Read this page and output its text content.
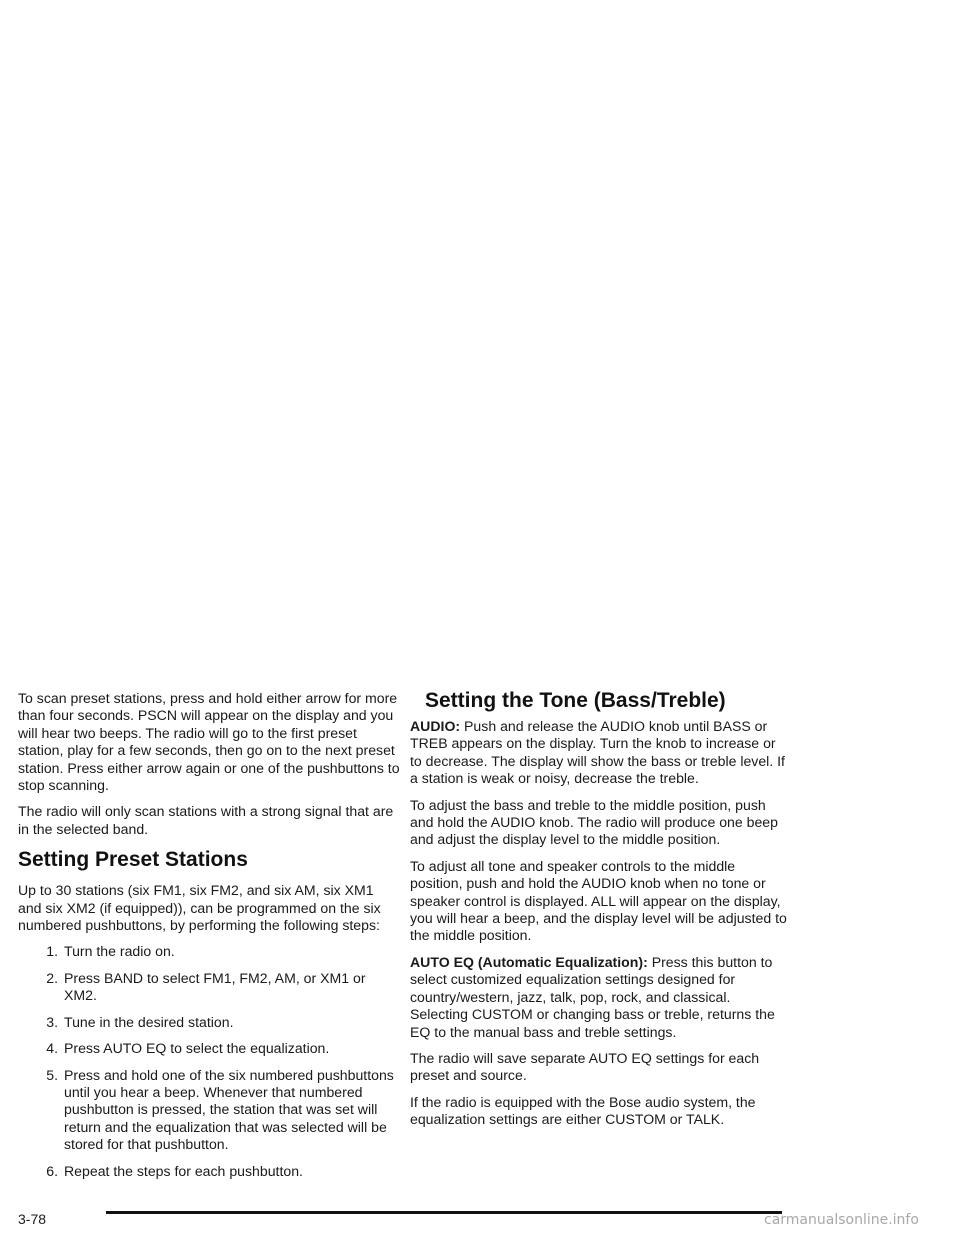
To scan preset stations, press and hold either arrow for more than four seconds. PSCN will appear on the display and you will hear two beeps. The radio will go to the first preset station, play for a few seconds, then go on to the next preset station. Press either arrow again or one of the pushbuttons to stop scanning.

The radio will only scan stations with a strong signal that are in the selected band.

Setting Preset Stations

Up to 30 stations (six FM1, six FM2, and six AM, six XM1 and six XM2 (if equipped)), can be programmed on the six numbered pushbuttons, by performing the following steps:

1. Turn the radio on.
2. Press BAND to select FM1, FM2, AM, or XM1 or XM2.
3. Tune in the desired station.
4. Press AUTO EQ to select the equalization.
5. Press and hold one of the six numbered pushbuttons until you hear a beep. Whenever that numbered pushbutton is pressed, the station that was set will return and the equalization that was selected will be stored for that pushbutton.
6. Repeat the steps for each pushbutton.
Setting the Tone (Bass/Treble)

AUDIO: Push and release the AUDIO knob until BASS or TREB appears on the display. Turn the knob to increase or to decrease. The display will show the bass or treble level. If a station is weak or noisy, decrease the treble.

To adjust the bass and treble to the middle position, push and hold the AUDIO knob. The radio will produce one beep and adjust the display level to the middle position.

To adjust all tone and speaker controls to the middle position, push and hold the AUDIO knob when no tone or speaker control is displayed. ALL will appear on the display, you will hear a beep, and the display level will be adjusted to the middle position.

AUTO EQ (Automatic Equalization): Press this button to select customized equalization settings designed for country/western, jazz, talk, pop, rock, and classical. Selecting CUSTOM or changing bass or treble, returns the EQ to the manual bass and treble settings.

The radio will save separate AUTO EQ settings for each preset and source.

If the radio is equipped with the Bose audio system, the equalization settings are either CUSTOM or TALK.

3-78	carmanualsonline.info
